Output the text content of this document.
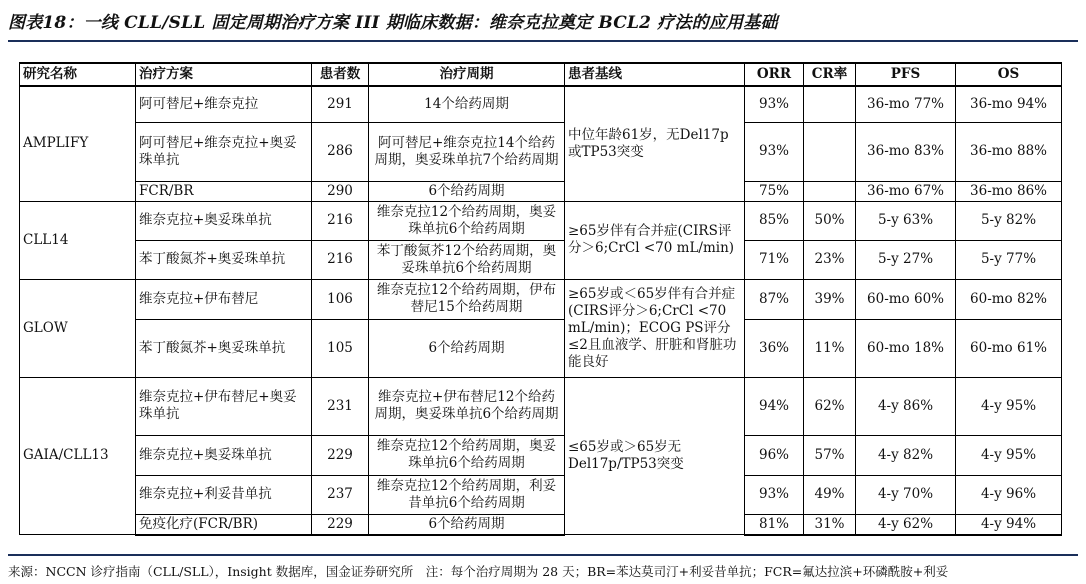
图表18：一线 CLL/SLL 固定周期治疗方案 III 期临床数据：维奈克拉奠定 BCL2 疗法的应用基础
研究名称	治疗方案	患者数	治疗周期	患者基线	ORR	CR率	PFS	OS
AMPLIFY	阿可替尼+维奈克拉	291	14个给药周期	中位年龄61岁，无Del17p或TP53突变	93%		36-mo 77%	36-mo 94%
	阿可替尼+维奈克拉+奥妥珠单抗	286	阿可替尼+维奈克拉14个给药周期，奥妥珠单抗7个给药周期		93%		36-mo 83%	36-mo 88%
	FCR/BR	290	6个给药周期		75%		36-mo 67%	36-mo 86%
CLL14	维奈克拉+奥妥珠单抗	216	维奈克拉12个给药周期，奥妥珠单抗6个给药周期	≥65岁伴有合并症(CIRS评分＞6;CrCl <70 mL/min)	85%	50%	5-y 63%	5-y 82%
	苯丁酸氮芥+奥妥珠单抗	216	苯丁酸氮芥12个给药周期，奥妥珠单抗6个给药周期		71%	23%	5-y 27%	5-y 77%
GLOW	维奈克拉+伊布替尼	106	维奈克拉12个给药周期，伊布替尼15个给药周期	≥65岁或＜65岁伴有合并症(CIRS评分＞6;CrCl <70 mL/min)；ECOG PS评分≤2且血液学、肝脏和肾脏功能良好	87%	39%	60-mo 60%	60-mo 82%
	苯丁酸氮芥+奥妥珠单抗	105	6个给药周期		36%	11%	60-mo 18%	60-mo 61%
GAIA/CLL13	维奈克拉+伊布替尼+奥妥珠单抗	231	维奈克拉+伊布替尼12个给药周期，奥妥珠单抗6个给药周期	≤65岁或＞65岁无Del17p/TP53突变	94%	62%	4-y 86%	4-y 95%
	维奈克拉+奥妥珠单抗	229	维奈克拉12个给药周期，奥妥珠单抗6个给药周期		96%	57%	4-y 82%	4-y 95%
	维奈克拉+利妥昔单抗	237	维奈克拉12个给药周期，利妥昔单抗6个给药周期		93%	49%	4-y 70%	4-y 96%
	免疫化疗(FCR/BR)	229	6个给药周期		81%	31%	4-y 62%	4-y 94%
来源：NCCN 诊疗指南（CLL/SLL），Insight 数据库，国金证券研究所　注：每个治疗周期为 28 天；BR=苯达莫司汀+利妥昔单抗；FCR=氟达拉滨+环磷酰胺+利妥
